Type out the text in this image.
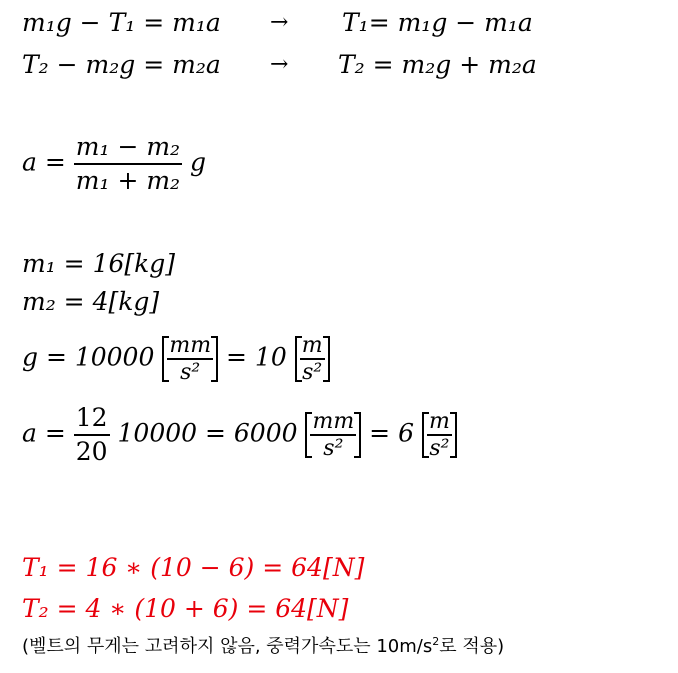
m₁g − T₁ = m₁a → T₁= m₁g − m₁a
T₂ − m₂g = m₂a → T₂ = m₂g + m₂a
$a = \frac{\text{m₁ − m₂}}{\text{m₁ + m₂}}$ g
m₁ = 16[kg]
m₂ = 4[kg]
$g = 10000 \frac{mm}{\text{s²}} = 10 \frac{m}{\text{s²}}$
$a = \frac{12}{20} 10000 = 6000 \frac{mm}{\text{s²}} = 6 \frac{m}{\text{s²}}$
T₁ = 16 ∗ (10 − 6) = 64[N]
T₂ = 4 ∗ (10 + 6) = 64[N]
(벨트의 무게는 고려하지 않음, 중력가속도는 $10m/s^2$로 적용)
